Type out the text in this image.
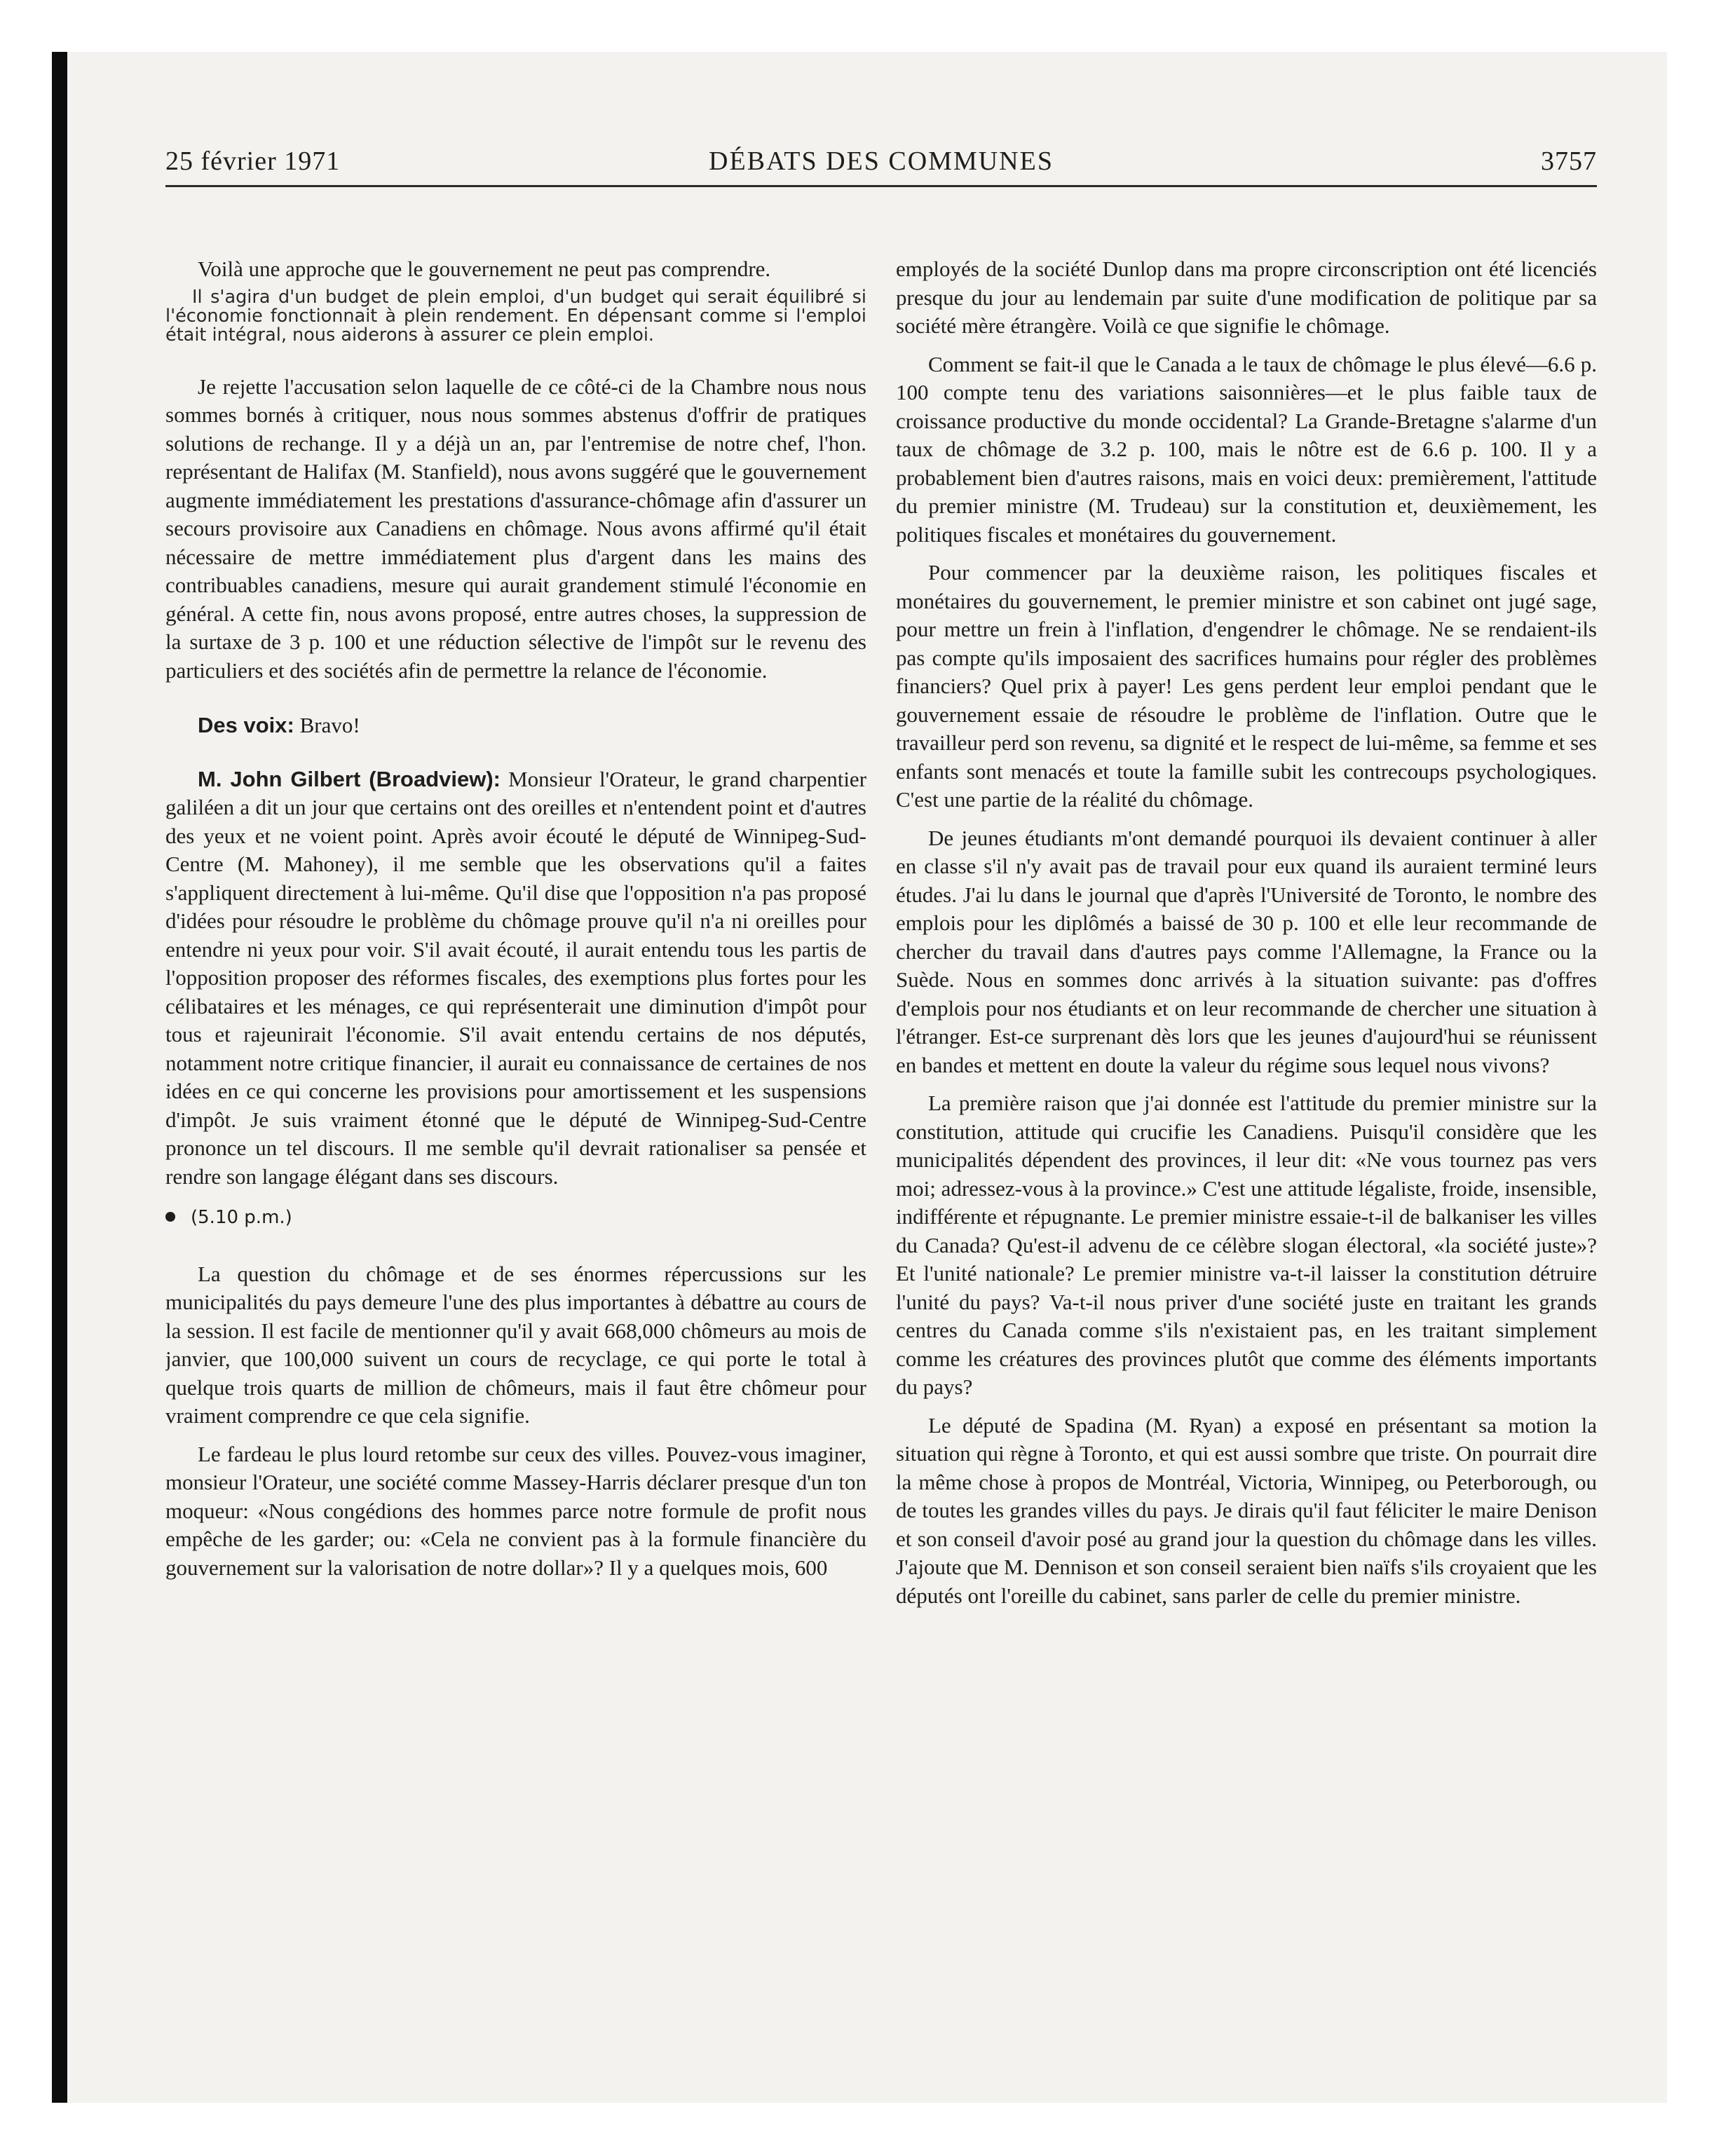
25 février 1971	DÉBATS DES COMMUNES	3757

Voilà une approche que le gouvernement ne peut pas comprendre.

Il s'agira d'un budget de plein emploi, d'un budget qui serait équilibré si l'économie fonctionnait à plein rendement. En dépensant comme si l'emploi était intégral, nous aiderons à assurer ce plein emploi.

Je rejette l'accusation selon laquelle de ce côté-ci de la Chambre nous nous sommes bornés à critiquer, nous nous sommes abstenus d'offrir de pratiques solutions de rechange. Il y a déjà un an, par l'entremise de notre chef, l'hon. représentant de Halifax (M. Stanfield), nous avons suggéré que le gouvernement augmente immédiatement les prestations d'assurance-chômage afin d'assurer un secours provisoire aux Canadiens en chômage. Nous avons affirmé qu'il était nécessaire de mettre immédiatement plus d'argent dans les mains des contribuables canadiens, mesure qui aurait grandement stimulé l'économie en général. A cette fin, nous avons proposé, entre autres choses, la suppression de la surtaxe de 3 p. 100 et une réduction sélective de l'impôt sur le revenu des particuliers et des sociétés afin de permettre la relance de l'économie.

Des voix: Bravo!

M. John Gilbert (Broadview): Monsieur l'Orateur, le grand charpentier galiléen a dit un jour que certains ont des oreilles et n'entendent point et d'autres des yeux et ne voient point. Après avoir écouté le député de Winnipeg-Sud-Centre (M. Mahoney), il me semble que les observations qu'il a faites s'appliquent directement à lui-même. Qu'il dise que l'opposition n'a pas proposé d'idées pour résoudre le problème du chômage prouve qu'il n'a ni oreilles pour entendre ni yeux pour voir. S'il avait écouté, il aurait entendu tous les partis de l'opposition proposer des réformes fiscales, des exemptions plus fortes pour les célibataires et les ménages, ce qui représenterait une diminution d'impôt pour tous et rajeunirait l'économie. S'il avait entendu certains de nos députés, notamment notre critique financier, il aurait eu connaissance de certaines de nos idées en ce qui concerne les provisions pour amortissement et les suspensions d'impôt. Je suis vraiment étonné que le député de Winnipeg-Sud-Centre prononce un tel discours. Il me semble qu'il devrait rationaliser sa pensée et rendre son langage élégant dans ses discours.

(5.10 p.m.)

La question du chômage et de ses énormes répercussions sur les municipalités du pays demeure l'une des plus importantes à débattre au cours de la session. Il est facile de mentionner qu'il y avait 668,000 chômeurs au mois de janvier, que 100,000 suivent un cours de recyclage, ce qui porte le total à quelque trois quarts de million de chômeurs, mais il faut être chômeur pour vraiment comprendre ce que cela signifie.

Le fardeau le plus lourd retombe sur ceux des villes. Pouvez-vous imaginer, monsieur l'Orateur, une société comme Massey-Harris déclarer presque d'un ton moqueur: «Nous congédions des hommes parce notre formule de profit nous empêche de les garder; ou: «Cela ne convient pas à la formule financière du gouvernement sur la valorisation de notre dollar»? Il y a quelques mois, 600

employés de la société Dunlop dans ma propre circonscription ont été licenciés presque du jour au lendemain par suite d'une modification de politique par sa société mère étrangère. Voilà ce que signifie le chômage.

Comment se fait-il que le Canada a le taux de chômage le plus élevé—6.6 p. 100 compte tenu des variations saisonnières—et le plus faible taux de croissance productive du monde occidental? La Grande-Bretagne s'alarme d'un taux de chômage de 3.2 p. 100, mais le nôtre est de 6.6 p. 100. Il y a probablement bien d'autres raisons, mais en voici deux: premièrement, l'attitude du premier ministre (M. Trudeau) sur la constitution et, deuxièmement, les politiques fiscales et monétaires du gouvernement.

Pour commencer par la deuxième raison, les politiques fiscales et monétaires du gouvernement, le premier ministre et son cabinet ont jugé sage, pour mettre un frein à l'inflation, d'engendrer le chômage. Ne se rendaient-ils pas compte qu'ils imposaient des sacrifices humains pour régler des problèmes financiers? Quel prix à payer! Les gens perdent leur emploi pendant que le gouvernement essaie de résoudre le problème de l'inflation. Outre que le travailleur perd son revenu, sa dignité et le respect de lui-même, sa femme et ses enfants sont menacés et toute la famille subit les contrecoups psychologiques. C'est une partie de la réalité du chômage.

De jeunes étudiants m'ont demandé pourquoi ils devaient continuer à aller en classe s'il n'y avait pas de travail pour eux quand ils auraient terminé leurs études. J'ai lu dans le journal que d'après l'Université de Toronto, le nombre des emplois pour les diplômés a baissé de 30 p. 100 et elle leur recommande de chercher du travail dans d'autres pays comme l'Allemagne, la France ou la Suède. Nous en sommes donc arrivés à la situation suivante: pas d'offres d'emplois pour nos étudiants et on leur recommande de chercher une situation à l'étranger. Est-ce surprenant dès lors que les jeunes d'aujourd'hui se réunissent en bandes et mettent en doute la valeur du régime sous lequel nous vivons?

La première raison que j'ai donnée est l'attitude du premier ministre sur la constitution, attitude qui crucifie les Canadiens. Puisqu'il considère que les municipalités dépendent des provinces, il leur dit: «Ne vous tournez pas vers moi; adressez-vous à la province.» C'est une attitude légaliste, froide, insensible, indifférente et répugnante. Le premier ministre essaie-t-il de balkaniser les villes du Canada? Qu'est-il advenu de ce célèbre slogan électoral, «la société juste»? Et l'unité nationale? Le premier ministre va-t-il laisser la constitution détruire l'unité du pays? Va-t-il nous priver d'une société juste en traitant les grands centres du Canada comme s'ils n'existaient pas, en les traitant simplement comme les créatures des provinces plutôt que comme des éléments importants du pays?

Le député de Spadina (M. Ryan) a exposé en présentant sa motion la situation qui règne à Toronto, et qui est aussi sombre que triste. On pourrait dire la même chose à propos de Montréal, Victoria, Winnipeg, ou Peterborough, ou de toutes les grandes villes du pays. Je dirais qu'il faut féliciter le maire Denison et son conseil d'avoir posé au grand jour la question du chômage dans les villes. J'ajoute que M. Dennison et son conseil seraient bien naïfs s'ils croyaient que les députés ont l'oreille du cabinet, sans parler de celle du premier ministre.
